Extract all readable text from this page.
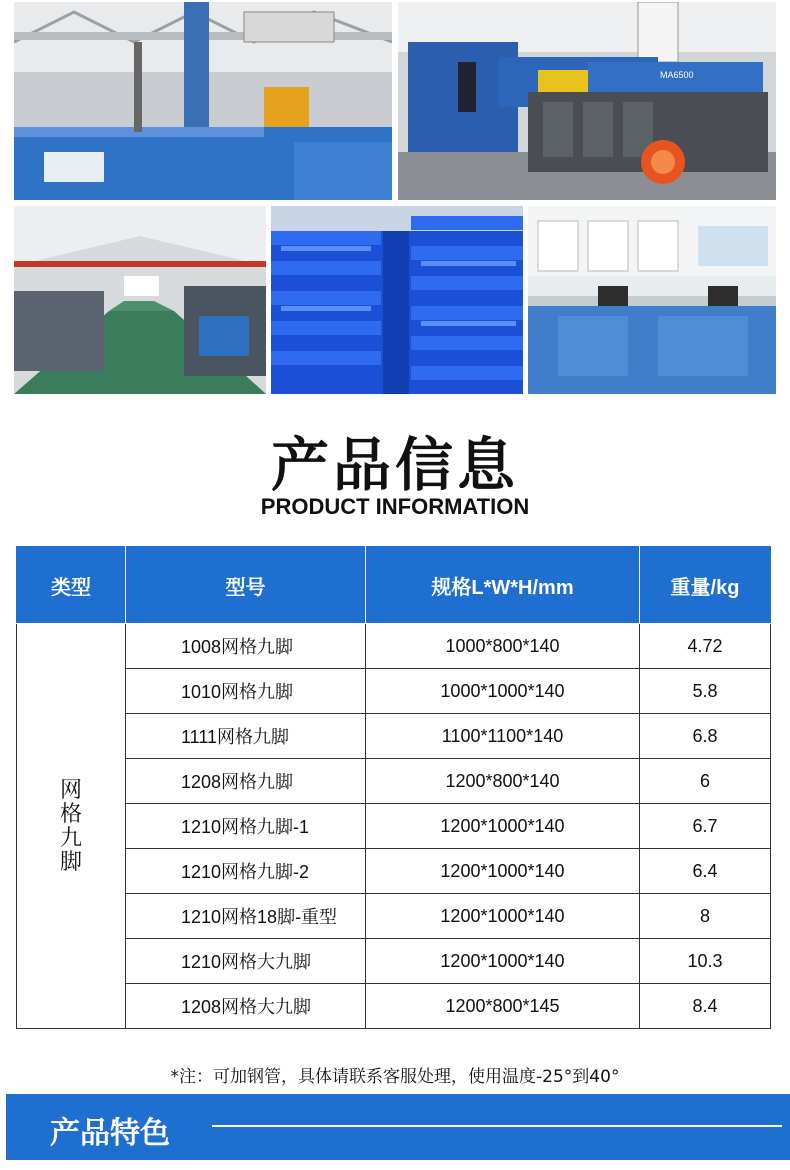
MA6500
产品信息
PRODUCT INFORMATION
类型	型号	规格L*W*H/mm	重量/kg
网格九脚	1008网格九脚	1000*800*140	4.72
	1010网格九脚	1000*1000*140	5.8
	1111网格九脚	1100*1100*140	6.8
	1208网格九脚	1200*800*140	6
	1210网格九脚-1	1200*1000*140	6.7
	1210网格九脚-2	1200*1000*140	6.4
	1210网格18脚-重型	1200*1000*140	8
	1210网格大九脚	1200*1000*140	10.3
	1208网格大九脚	1200*800*145	8.4
*注：可加钢管，具体请联系客服处理，使用温度-25°到40°
产品特色
